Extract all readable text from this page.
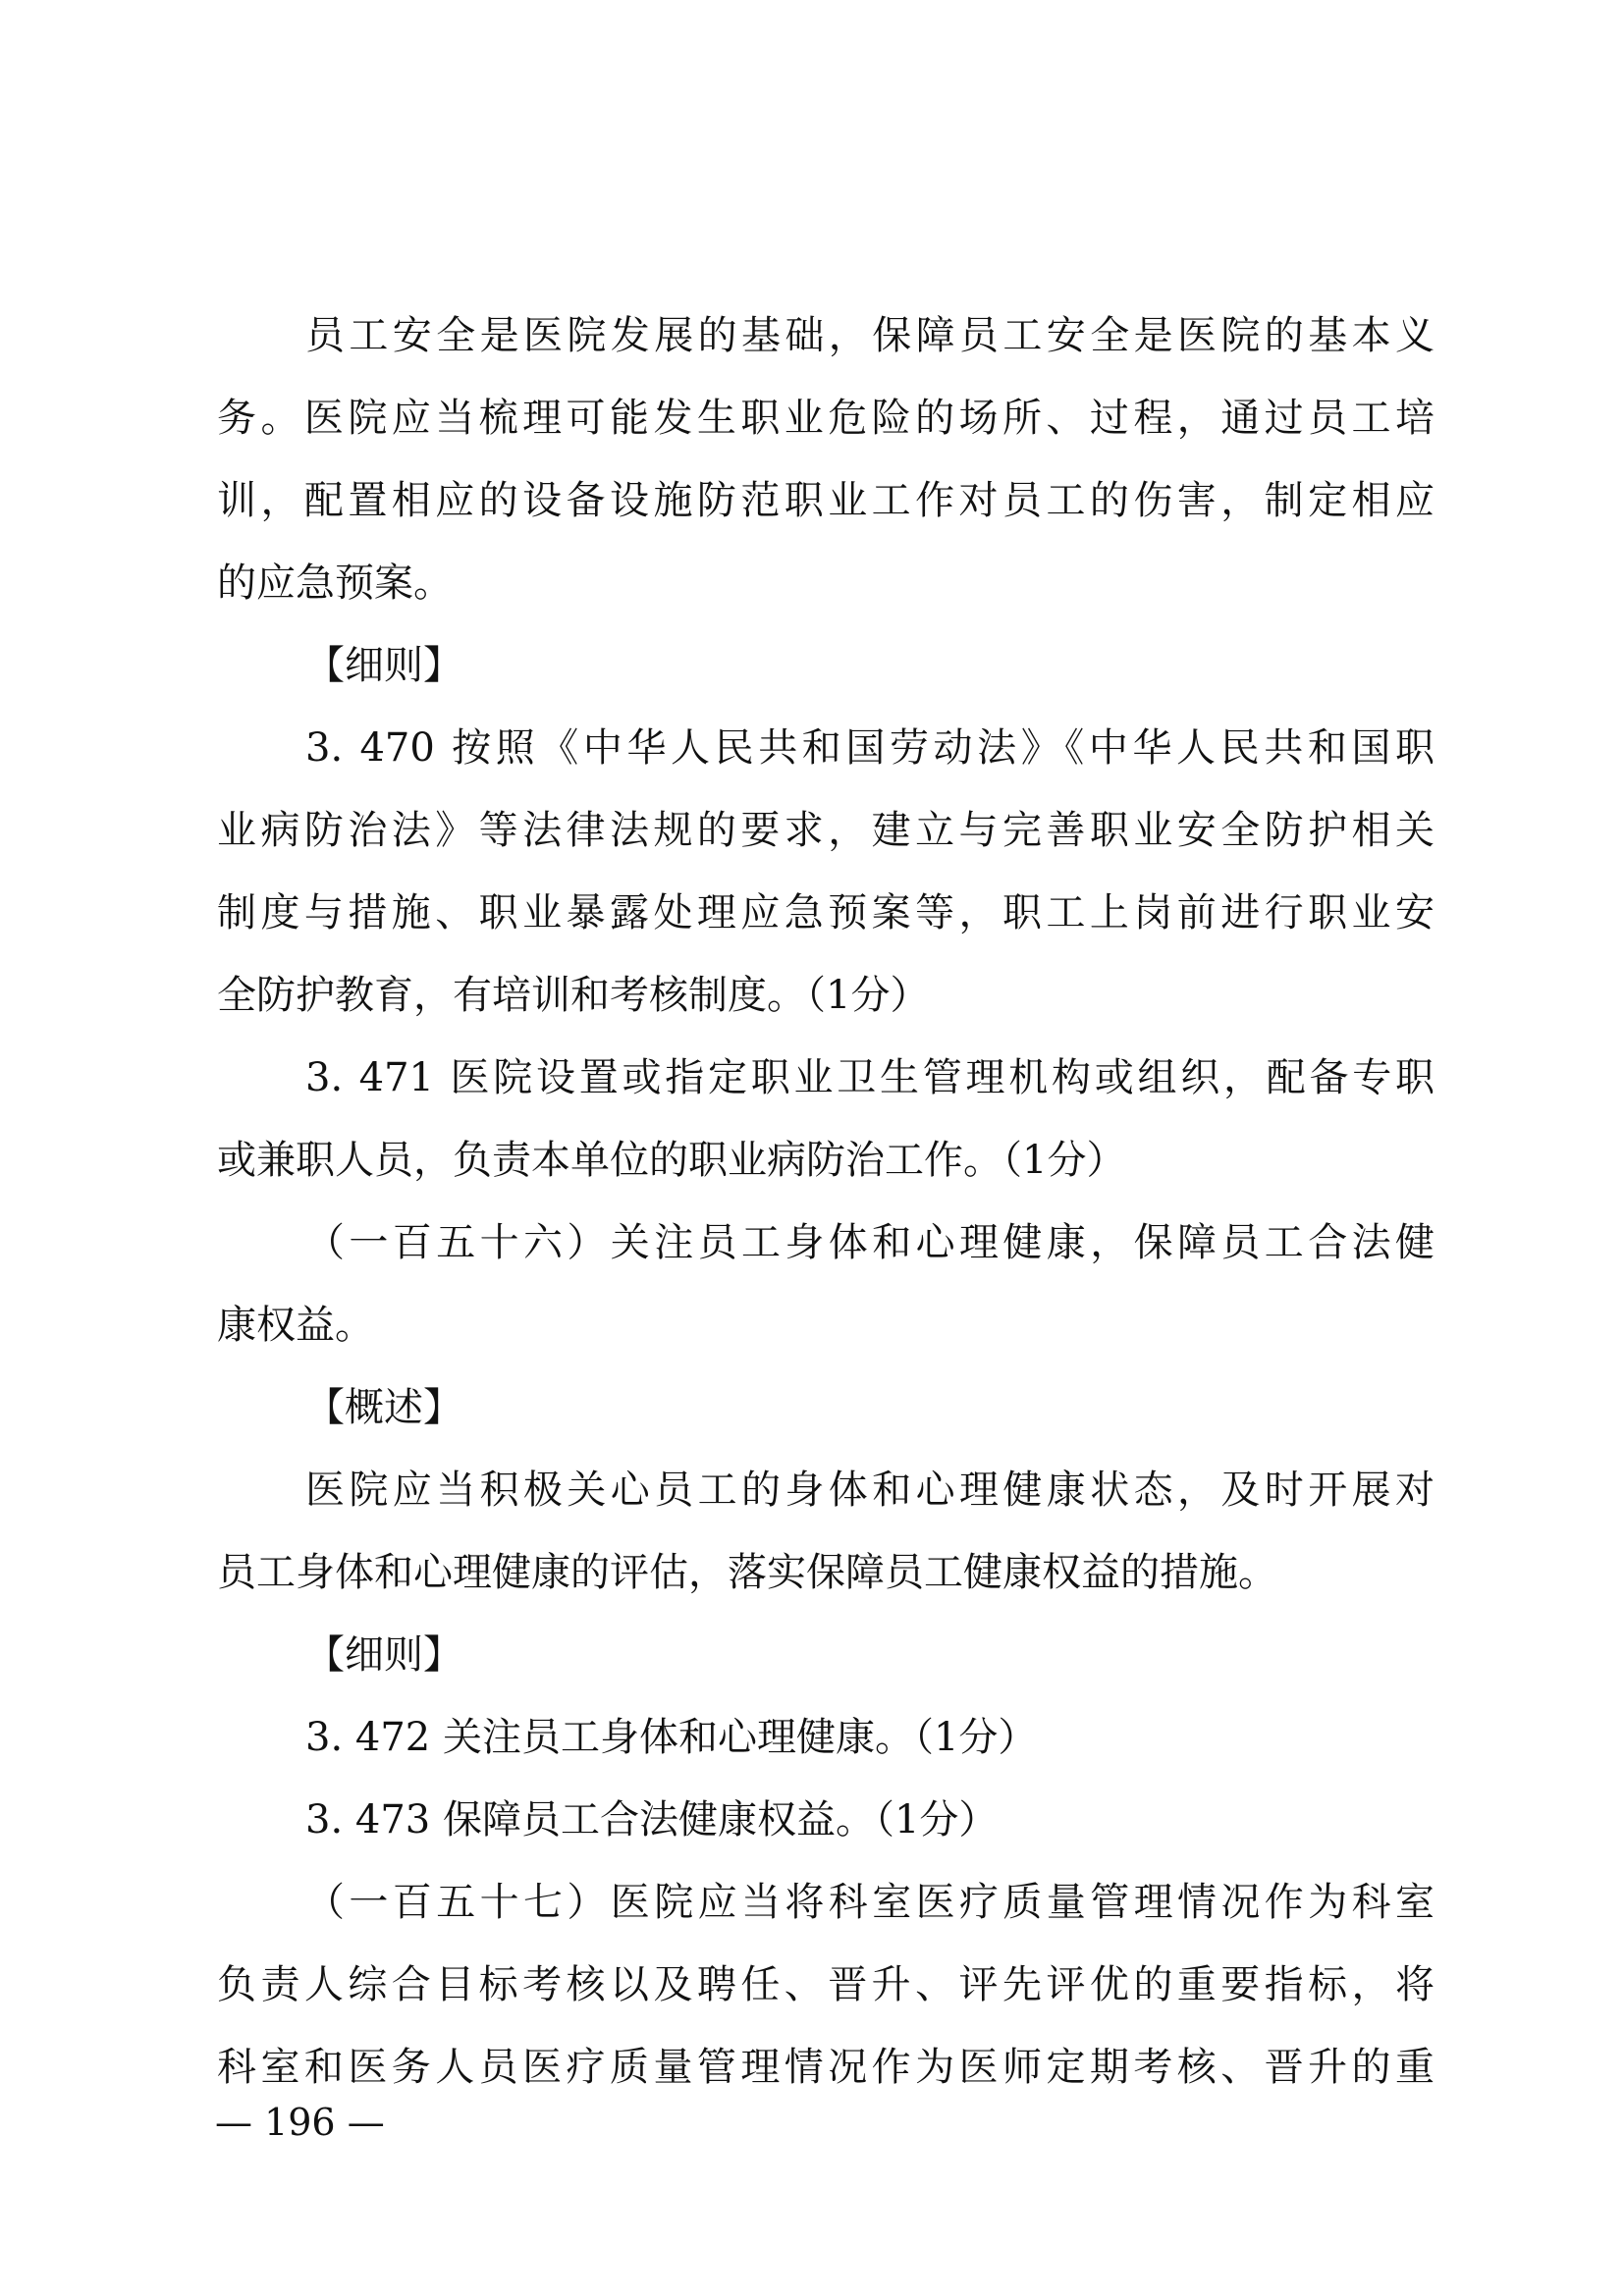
员工安全是医院发展的基础，保障员工安全是医院的基本义
务。医院应当梳理可能发生职业危险的场所、过程，通过员工培
训，配置相应的设备设施防范职业工作对员工的伤害，制定相应
的应急预案。
【细则】
3. 470 按照《中华人民共和国劳动法》《中华人民共和国职
业病防治法》等法律法规的要求，建立与完善职业安全防护相关
制度与措施、职业暴露处理应急预案等，职工上岗前进行职业安
全防护教育，有培训和考核制度。（1分）
3. 471 医院设置或指定职业卫生管理机构或组织，配备专职
或兼职人员，负责本单位的职业病防治工作。（1分）
（一百五十六）关注员工身体和心理健康，保障员工合法健
康权益。
【概述】
医院应当积极关心员工的身体和心理健康状态，及时开展对
员工身体和心理健康的评估，落实保障员工健康权益的措施。
【细则】
3. 472 关注员工身体和心理健康。（1分）
3. 473 保障员工合法健康权益。（1分）
（一百五十七）医院应当将科室医疗质量管理情况作为科室
负责人综合目标考核以及聘任、晋升、评先评优的重要指标，将
科室和医务人员医疗质量管理情况作为医师定期考核、晋升的重
— 196 —
